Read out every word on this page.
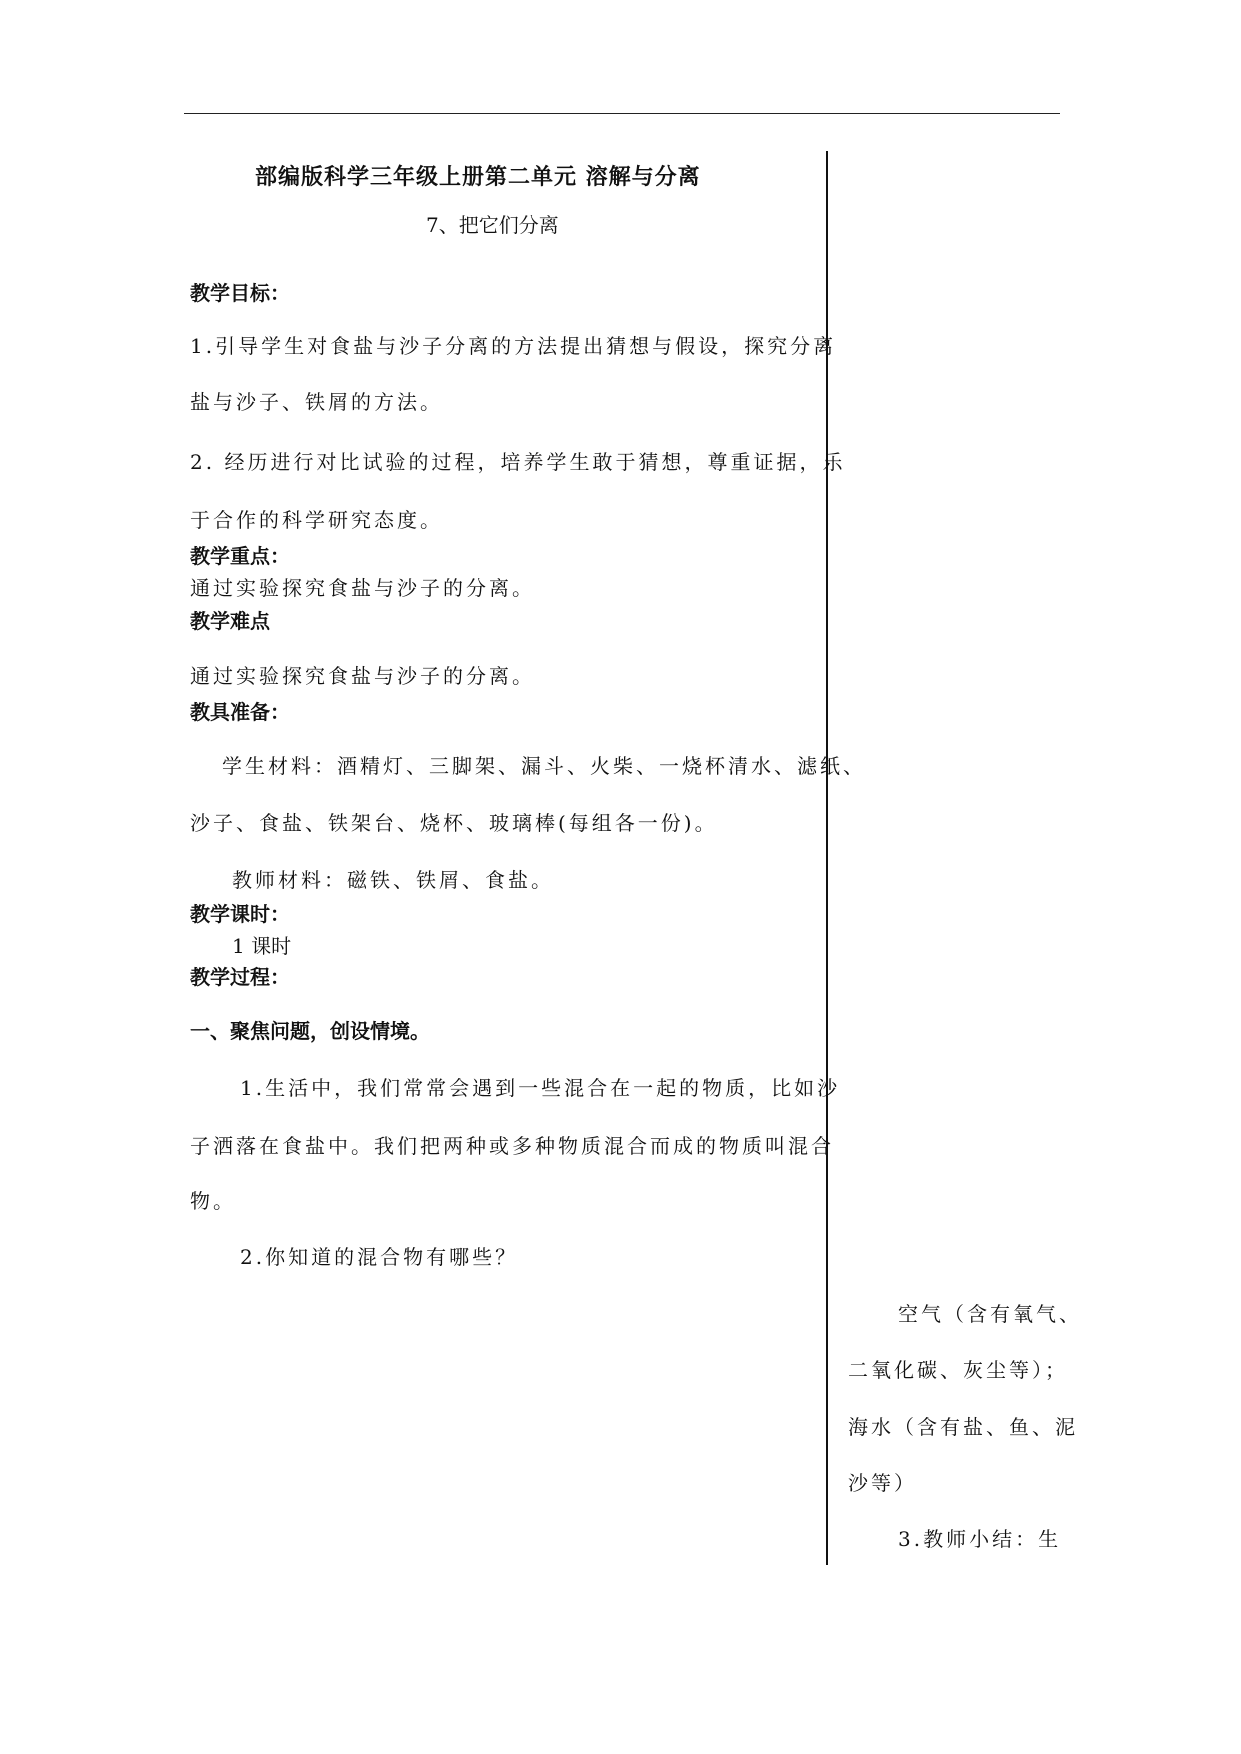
部编版科学三年级上册第二单元 溶解与分离
7、把它们分离
教学目标：
1.引导学生对食盐与沙子分离的方法提出猜想与假设，探究分离
盐与沙子、铁屑的方法。
2. 经历进行对比试验的过程，培养学生敢于猜想，尊重证据，乐
于合作的科学研究态度。
教学重点：
通过实验探究食盐与沙子的分离。
教学难点
通过实验探究食盐与沙子的分离。
教具准备：
学生材料：酒精灯、三脚架、漏斗、火柴、一烧杯清水、滤纸、
沙子、食盐、铁架台、烧杯、玻璃棒(每组各一份)。
教师材料：磁铁、铁屑、食盐。
教学课时：
1 课时
教学过程：
一、聚焦问题，创设情境。
1.生活中，我们常常会遇到一些混合在一起的物质，比如沙
子洒落在食盐中。我们把两种或多种物质混合而成的物质叫混合
物。
2.你知道的混合物有哪些？
空气（含有氧气、
二氧化碳、灰尘等）；
海水（含有盐、鱼、泥
沙等）
3.教师小结：生
